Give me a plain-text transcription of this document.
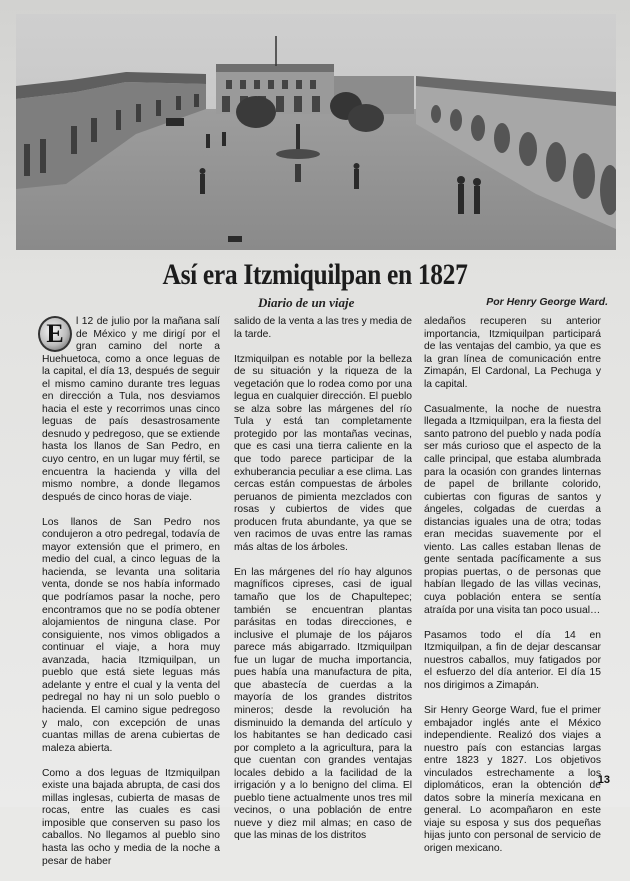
Así era Itzmiquilpan en 1827
Diario de un viaje	Por Henry George Ward.

E	l 12 de julio por la mañana salí de México y me dirigí por el gran camino del norte a Huehuetoca, como a once leguas de la capital, el día 13, después de seguir el mismo camino durante tres leguas en dirección a Tula, nos desviamos hacia el este y recorrimos unas cinco leguas de país desastrosamente desnudo y pedregoso, que se extiende hasta los llanos de San Pedro, en cuyo centro, en un lugar muy fértil, se encuentra la hacienda y villa del mismo nombre, a donde llegamos después de cinco horas de viaje.

Los llanos de San Pedro nos condujeron a otro pedregal, todavía de mayor extensión que el primero, en medio del cual, a cinco leguas de la hacienda, se levanta una solitaria venta, donde se nos había informado que podríamos pasar la noche, pero encontramos que no se podía obtener alojamientos de ninguna clase. Por consiguiente, nos vimos obligados a continuar el viaje, a hora muy avanzada, hacia Itzmiquilpan, un pueblo que está siete leguas más adelante y entre el cual y la venta del pedregal no hay ni un solo pueblo o hacienda. El camino sigue pedregoso y malo, con excepción de unas cuantas millas de arena cubiertas de maleza abierta.

Como a dos leguas de Itzmiquilpan existe una bajada abrupta, de casi dos millas inglesas, cubierta de masas de rocas, entre las cuales es casi imposible que conserven su paso los caballos. No llegamos al pueblo sino hasta las ocho y media de la noche a pesar de haber

salido de la venta a las tres y media de la tarde.

Itzmiquilpan es notable por la belleza de su situación y la riqueza de la vegetación que lo rodea como por una legua en cualquier dirección. El pueblo se alza sobre las márgenes del río Tula y está tan completamente protegido por las montañas vecinas, que es casi una tierra caliente en la que todo parece participar de la exhuberancia peculiar a ese clima. Las cercas están compuestas de árboles peruanos de pimienta mezclados con rosas y cubiertos de vides que producen fruta abundante, ya que se ven racimos de uvas entre las ramas más altas de los árboles.

En las márgenes del río hay algunos magníficos cipreses, casi de igual tamaño que los de Chapultepec; también se encuentran plantas parásitas en todas direcciones, e inclusive el plumaje de los pájaros parece más abigarrado. Itzmiquilpan fue un lugar de mucha importancia, pues había una manufactura de pita, que abastecía de cuerdas a la mayoría de los grandes distritos mineros; desde la revolución ha disminuido la demanda del artículo y los habitantes se han dedicado casi por completo a la agricultura, para la que cuentan con grandes ventajas locales debido a la facilidad de la irrigación y a lo benigno del clima. El pueblo tiene actualmente unos tres mil vecinos, o una población de entre nueve y diez mil almas; en caso de que las minas de los distritos

aledaños recuperen su anterior importancia, Itzmiquilpan participará de las ventajas del cambio, ya que es la gran línea de comunicación entre Zimapán, El Cardonal, La Pechuga y la capital.

Casualmente, la noche de nuestra llegada a Itzmiquilpan, era la fiesta del santo patrono del pueblo y nada podía ser más curioso que el aspecto de la calle principal, que estaba alumbrada para la ocasión con grandes linternas de papel de brillante colorido, cubiertas con figuras de santos y ángeles, colgadas de cuerdas a distancias iguales una de otra; todas eran mecidas suavemente por el viento. Las calles estaban llenas de gente sentada pacíficamente a sus propias puertas, o de personas que habían llegado de las villas vecinas, cuya población entera se sentía atraída por una visita tan poco usual…

Pasamos todo el día 14 en Itzmiquilpan, a fin de dejar descansar nuestros caballos, muy fatigados por el esfuerzo del día anterior. El día 15 nos dirigimos a Zimapán.

Sir Henry George Ward, fue el primer embajador inglés ante el México independiente. Realizó dos viajes a nuestro país con estancias largas entre 1823 y 1827. Los objetivos vinculados estrechamente a los diplomáticos, eran la obtención de datos sobre la minería mexicana en general. Lo acompañaron en este viaje su esposa y sus dos pequeñas hijas junto con personal de servicio de origen mexicano.

13
